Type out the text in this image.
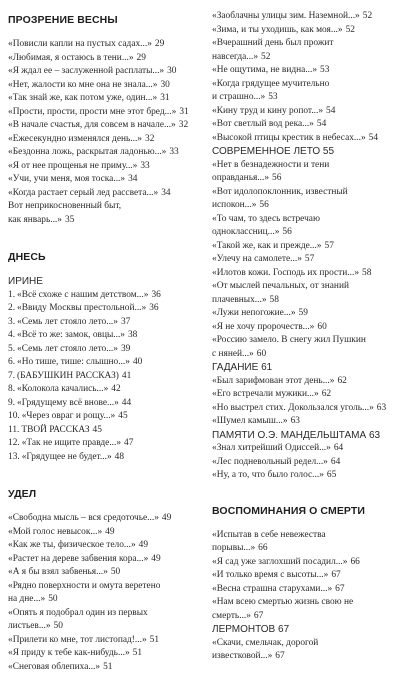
ПРОЗРЕНИЕ ВЕСНЫ
«Повисли капли на пустых садах...» 29
«Любимая, я остаюсь в тени...» 29
«Я ждал ее – заслуженной расплаты...» 30
«Нет, жалости ко мне она не знала...» 30
«Так знай же, как потом уже, один...» 31
«Прости, прости, прости мне этот бред...» 31
«В начале счастья, для совсем в начале...» 32
«Ежесекундно изменялся день...» 32
«Бездонна ложь, раскрытая ладонью...» 33
«Я от нее прощенья не приму...» 33
«Учи, учи меня, моя тоска...» 34
«Когда растает серый лед рассвета...» 34
Вот неприкосновенный быт,
как январь...» 35
ДНЕСЬ
ИРИНЕ
1. «Всё схоже с нашим детством...» 36
2. «Ввиду Москвы престольной...» 36
3. «Семь лет стояло лето...» 37
4. «Всё то же: замок, овцы...» 38
5. «Семь лет стояло лето...» 39
6. «Но тише, тише: слышно...» 40
7. (БАБУШКИН РАССКАЗ) 41
8. «Колокола качались...» 42
9. «Грядущему всё внове...» 44
10. «Через овраг и рощу...» 45
11. ТВОЙ РАССКАЗ 45
12. «Так не ищите правде...» 47
13. «Грядущее не будет...» 48
УДЕЛ
«Свободна мысль – вся средоточье...» 49
«Мой голос невысок...» 49
«Как же ты, физическое тело...» 49
«Растет на дереве забвения кора...» 49
«А я бы взял забвенья...» 50
«Рядно поверхности и омута веретено
на дне...» 50
«Опять я подобрал один из первых
листьев...» 50
«Прилети ко мне, тот листопад!...» 51
«Я приду к тебе как-нибудь...» 51
«Снеговая облепиха...» 51
«Заоблачны улицы зим. Наземной...» 52
«Зима, и ты уходишь, как моя...» 52
«Вчерашний день был прожит
навсегда...» 52
«Не ощутима, не видна...» 53
«Когда грядущее мучительно
и страшно...» 53
«Кину труд и кину ропот...» 54
«Вот светлый вод река...» 54
«Высокой птицы крестик в небесах...» 54
СОВРЕМЕННОЕ ЛЕТО 55
«Нет в безнадежности и тени
оправданья...» 56
«Вот идолопоклонник, известный
испокон...» 56
«То чам, то здесь встречаю
одноклассниц...» 56
«Такой же, как и прежде...» 57
«Улечу на самолете...» 57
«Илотов кожи. Господь их прости...» 58
«От мыслей печальных, от знаний
плачевных...» 58
«Лужи непогожие...» 59
«Я не хочу пророчеств...» 60
«Россию замело. В снегу жил Пушкин
с няней...» 60
ГАДАНИЕ 61
«Был зарифмован этот день...» 62
«Его встречали мужики...» 62
«Но выстрел стих. Докользался уголь...» 63
«Шумел камыш...» 63
ПАМЯТИ О.Э. МАНДЕЛЬШТАМА 63
«Знал хитрейший Одиссей...» 64
«Лес подневольный редел...» 64
«Ну, а то, что было голос...» 65
ВОСПОМИНАНИЯ О СМЕРТИ
«Испытав в себе невежества
порывы...» 66
«Я сад уже заглохший посадил...» 66
«И только время с высоты...» 67
«Весна страшна старухами...» 67
«Нам всею смертью жизнь свою не
смерть...» 67
ЛЕРМОНТОВ 67
«Скачи, смельчак, дорогой
известковой...» 67
